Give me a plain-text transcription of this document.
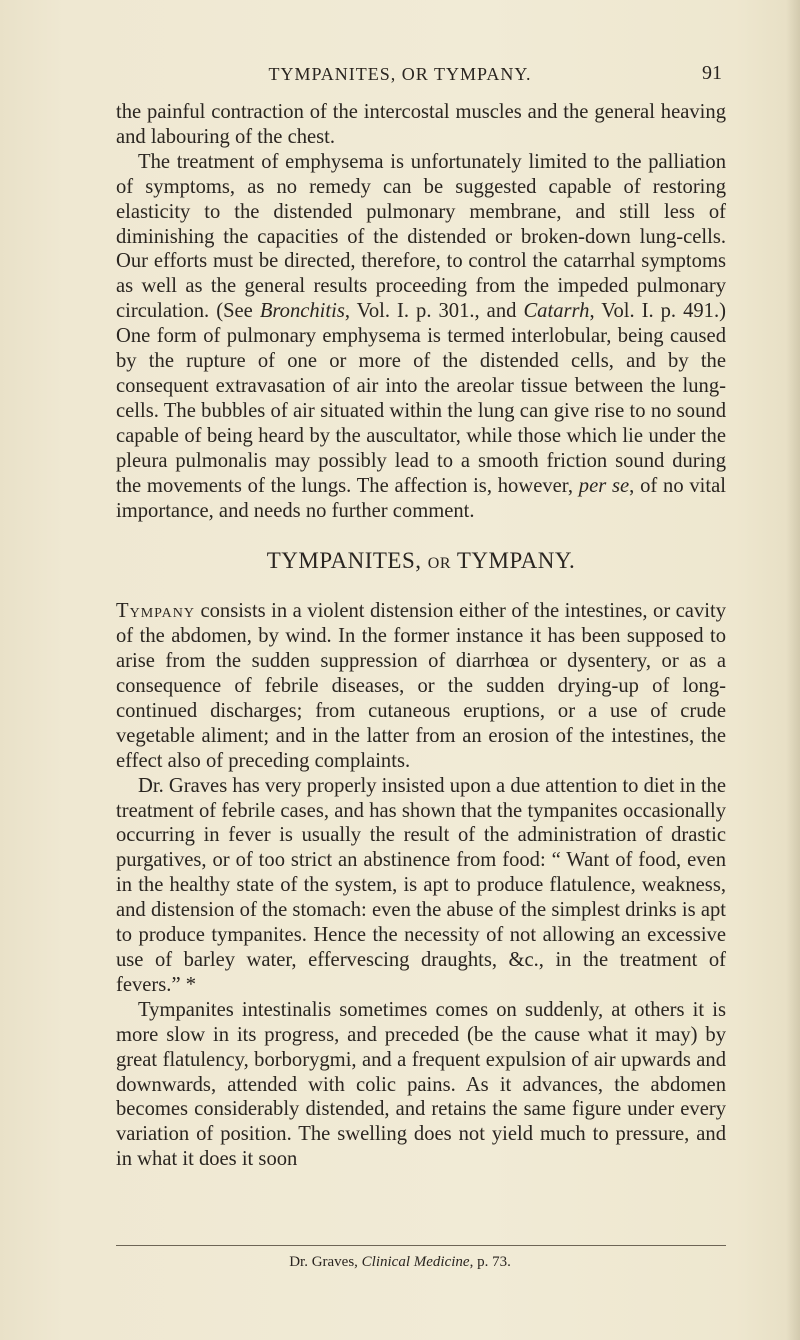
TYMPANITES, OR TYMPANY.	91

the painful contraction of the intercostal muscles and the general heaving and labouring of the chest.

The treatment of emphysema is unfortunately limited to the palliation of symptoms, as no remedy can be suggested capable of restoring elasticity to the distended pulmonary membrane, and still less of diminishing the capacities of the distended or broken-down lung-cells. Our efforts must be directed, therefore, to control the catarrhal symptoms as well as the general results proceeding from the impeded pulmonary circulation. (See Bronchitis, Vol. I. p. 301., and Catarrh, Vol. I. p. 491.) One form of pulmonary emphysema is termed interlobular, being caused by the rupture of one or more of the distended cells, and by the consequent extravasation of air into the areolar tissue between the lung-cells. The bubbles of air situated within the lung can give rise to no sound capable of being heard by the auscultator, while those which lie under the pleura pulmonalis may possibly lead to a smooth friction sound during the movements of the lungs. The affection is, however, per se, of no vital importance, and needs no further comment.

TYMPANITES, OR TYMPANY.

Tympany consists in a violent distension either of the intestines, or cavity of the abdomen, by wind. In the former instance it has been supposed to arise from the sudden suppression of diarrhœa or dysentery, or as a consequence of febrile diseases, or the sudden drying-up of long-continued discharges; from cutaneous eruptions, or a use of crude vegetable aliment; and in the latter from an erosion of the intestines, the effect also of preceding complaints.

Dr. Graves has very properly insisted upon a due attention to diet in the treatment of febrile cases, and has shown that the tympanites occasionally occurring in fever is usually the result of the administration of drastic purgatives, or of too strict an abstinence from food: “ Want of food, even in the healthy state of the system, is apt to produce flatulence, weakness, and distension of the stomach: even the abuse of the simplest drinks is apt to produce tympanites. Hence the necessity of not allowing an excessive use of barley water, effervescing draughts, &c., in the treatment of fevers.” *

Tympanites intestinalis sometimes comes on suddenly, at others it is more slow in its progress, and preceded (be the cause what it may) by great flatulency, borborygmi, and a frequent expulsion of air upwards and downwards, attended with colic pains. As it advances, the abdomen becomes considerably distended, and retains the same figure under every variation of position. The swelling does not yield much to pressure, and in what it does it soon

Dr. Graves, Clinical Medicine, p. 73.
